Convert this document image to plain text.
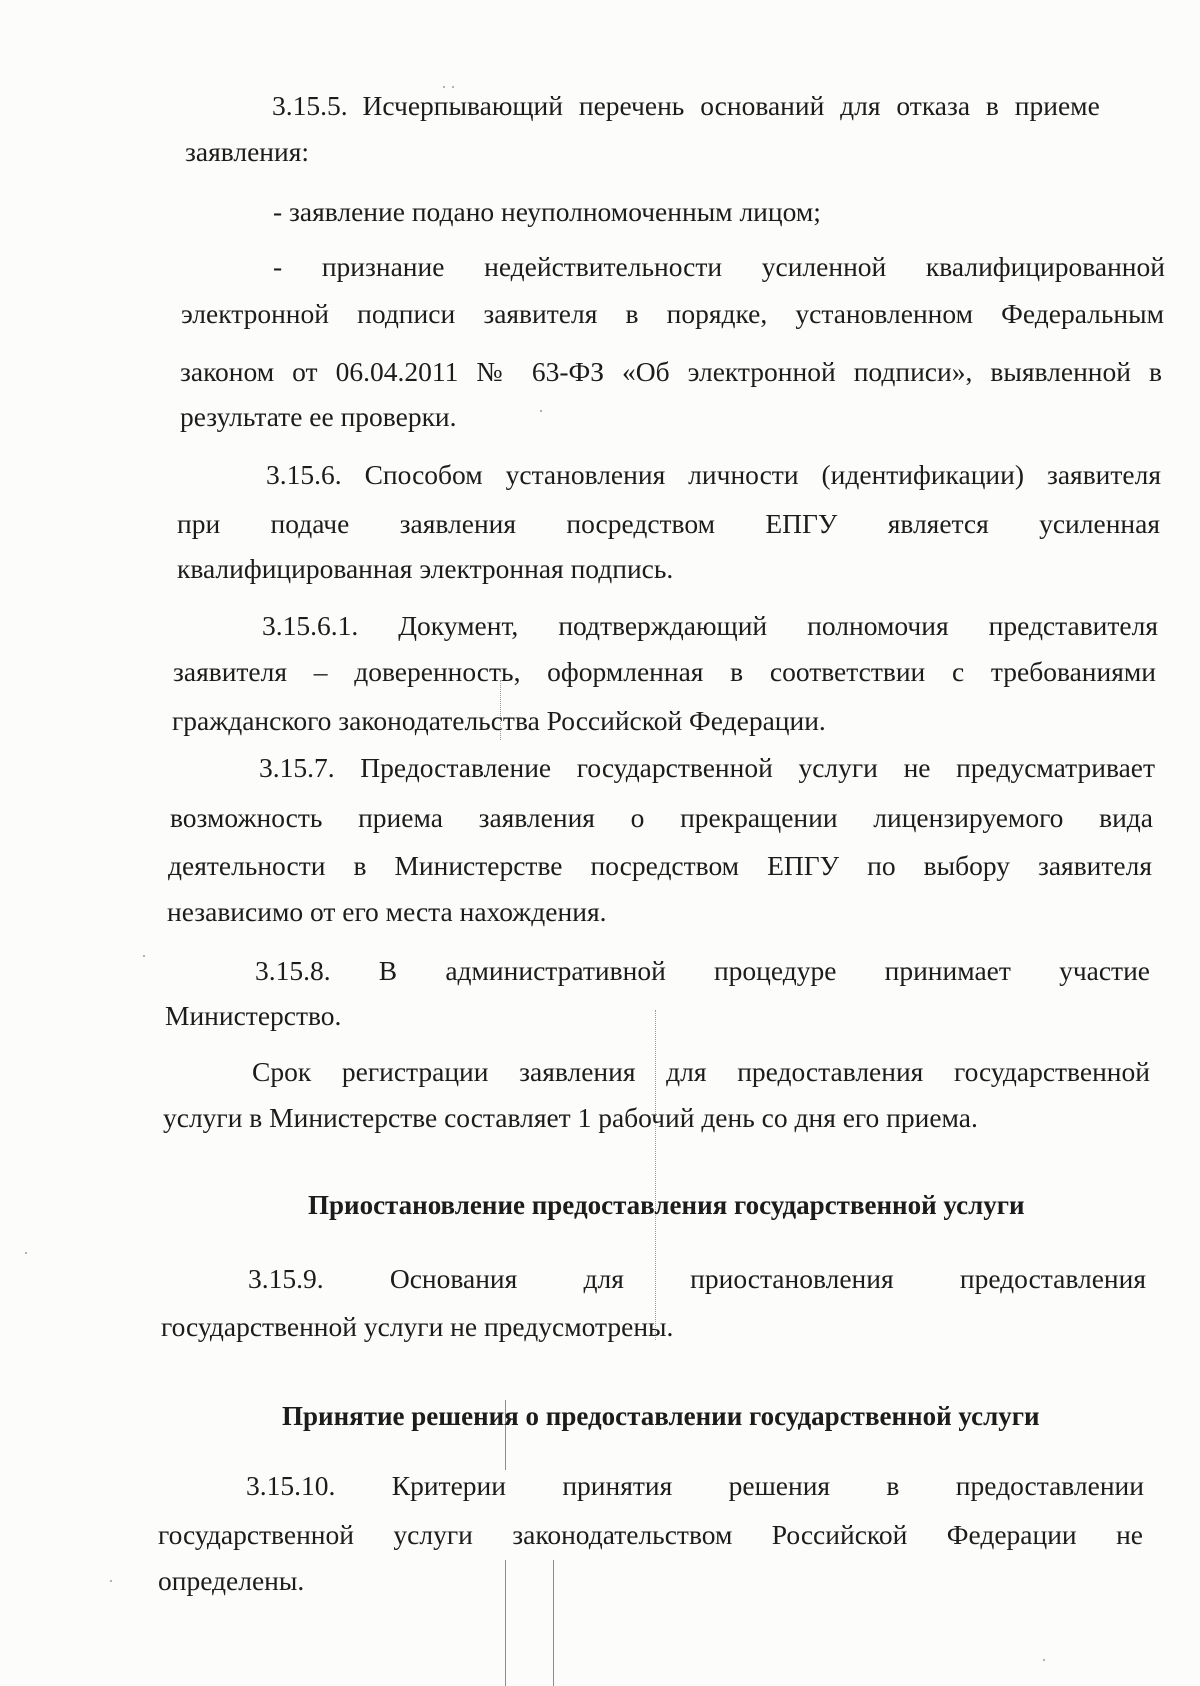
3.15.5. Исчерпывающий перечень оснований для отказа в приеме

заявления:

- заявление подано неуполномоченным лицом;

- признание недействительности усиленной квалифицированной

электронной подписи заявителя в порядке, установленном Федеральным

законом от 06.04.2011 № 63-ФЗ «Об электронной подписи», выявленной в

результате ее проверки.

3.15.6. Способом установления личности (идентификации) заявителя

при подаче заявления посредством ЕПГУ является усиленная

квалифицированная электронная подпись.

3.15.6.1. Документ, подтверждающий полномочия представителя

заявителя – доверенность, оформленная в соответствии с требованиями

гражданского законодательства Российской Федерации.

3.15.7. Предоставление государственной услуги не предусматривает

возможность приема заявления о прекращении лицензируемого вида

деятельности в Министерстве посредством ЕПГУ по выбору заявителя

независимо от его места нахождения.

3.15.8. В административной процедуре принимает участие

Министерство.

Срок регистрации заявления для предоставления государственной

услуги в Министерстве составляет 1 рабочий день со дня его приема.

Приостановление предоставления государственной услуги

3.15.9. Основания для приостановления предоставления

государственной услуги не предусмотрены.

Принятие решения о предоставлении государственной услуги

3.15.10. Критерии принятия решения в предоставлении

государственной услуги законодательством Российской Федерации не

определены.
